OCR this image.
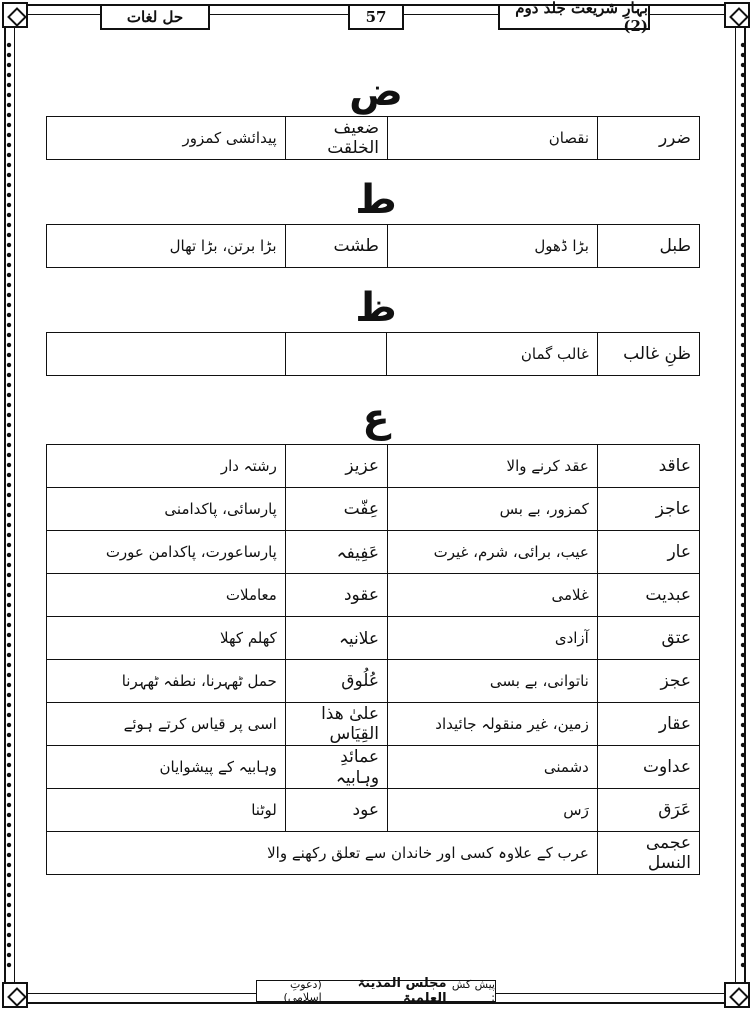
بہارِ شریعت جلد دوم (2)
57
حل لغات
ض
ضرر	نقصان	ضعیف الخلقت	پیدائشی کمزور
ط
طبل	بڑا ڈھول	طشت	بڑا برتن، بڑا تھال
ظ
ظنِ غالب	غالب گمان		
ع
عاقد	عقد کرنے والا	عزیز	رشتہ دار
عاجز	کمزور، بے بس	عِفّت	پارسائی، پاکدامنی
عار	عیب، برائی، شرم، غیرت	عَفِیفہ	پارساعورت، پاکدامن عورت
عبدیت	غلامی	عقود	معاملات
عتق	آزادی	علانیہ	کھلم کھلا
عجز	ناتوانی، بے بسی	عُلُوق	حمل ٹھہرنا، نطفہ ٹھہرنا
عقار	زمین، غیر منقولہ جائیداد	علیٰ ھذا القِیَاس	اسی پر قیاس کرتے ہوئے
عداوت	دشمنی	عمائدِ وہابیہ	وہابیہ کے پیشوایان
عَرَق	رَس	عود	لوٹنا
عجمی النسل	عرب کے علاوہ کسی اور خاندان سے تعلق رکھنے والا		
پیش کش :
مجلس المدینۃ العلمیۃ
(دعوتِ اسلامی)
